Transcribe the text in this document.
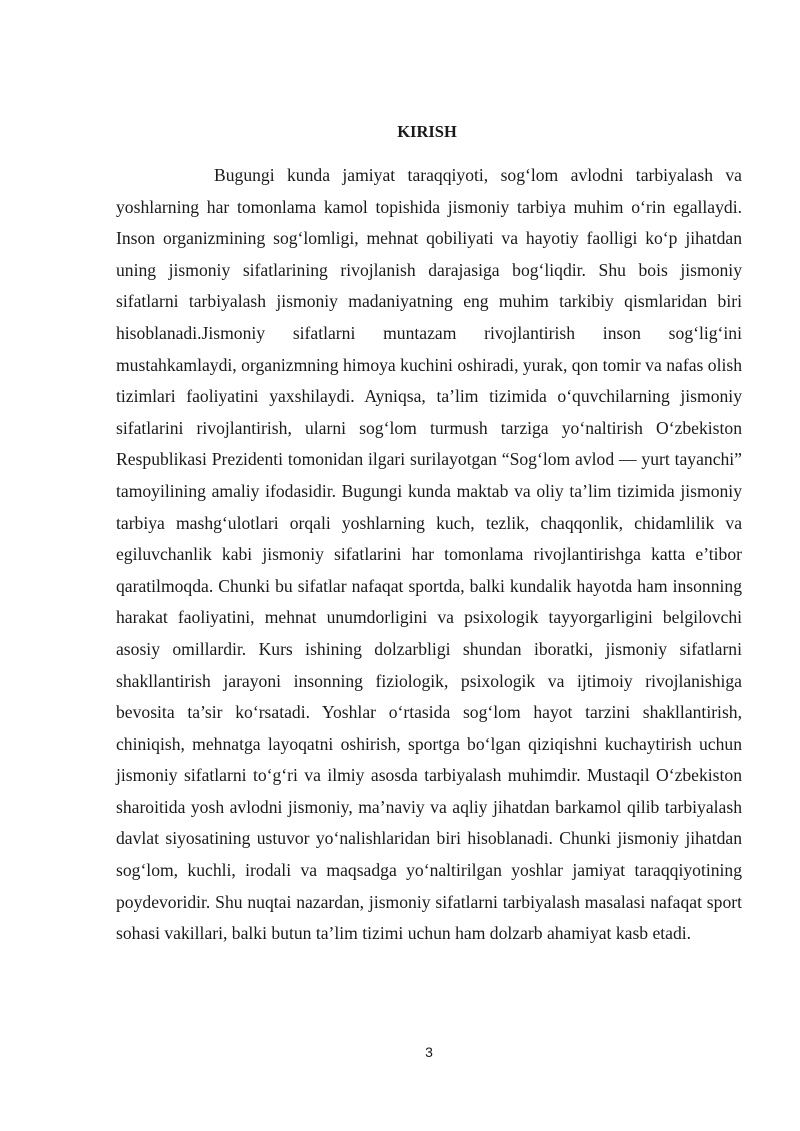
KIRISH

Bugungi kunda jamiyat taraqqiyoti, sog‘lom avlodni tarbiyalash va yoshlarning har tomonlama kamol topishida jismoniy tarbiya muhim o‘rin egallaydi. Inson organizmining sog‘lomligi, mehnat qobiliyati va hayotiy faolligi ko‘p jihatdan uning jismoniy sifatlarining rivojlanish darajasiga bog‘liqdir. Shu bois jismoniy sifatlarni tarbiyalash jismoniy madaniyatning eng muhim tarkibiy qismlaridan biri hisoblanadi.Jismoniy sifatlarni muntazam rivojlantirish inson sog‘lig‘ini mustahkamlaydi, organizmning himoya kuchini oshiradi, yurak, qon tomir va nafas olish tizimlari faoliyatini yaxshilaydi. Ayniqsa, ta’lim tizimida o‘quvchilarning jismoniy sifatlarini rivojlantirish, ularni sog‘lom turmush tarziga yo‘naltirish O‘zbekiston Respublikasi Prezidenti tomonidan ilgari surilayotgan “Sog‘lom avlod — yurt tayanchi” tamoyilining amaliy ifodasidir. Bugungi kunda maktab va oliy ta’lim tizimida jismoniy tarbiya mashg‘ulotlari orqali yoshlarning kuch, tezlik, chaqqonlik, chidamlilik va egiluvchanlik kabi jismoniy sifatlarini har tomonlama rivojlantirishga katta e’tibor qaratilmoqda. Chunki bu sifatlar nafaqat sportda, balki kundalik hayotda ham insonning harakat faoliyatini, mehnat unumdorligini va psixologik tayyorgarligini belgilovchi asosiy omillardir. Kurs ishining dolzarbligi shundan iboratki, jismoniy sifatlarni shakllantirish jarayoni insonning fiziologik, psixologik va ijtimoiy rivojlanishiga bevosita ta’sir ko‘rsatadi. Yoshlar o‘rtasida sog‘lom hayot tarzini shakllantirish, chiniqish, mehnatga layoqatni oshirish, sportga bo‘lgan qiziqishni kuchaytirish uchun jismoniy sifatlarni to‘g‘ri va ilmiy asosda tarbiyalash muhimdir. Mustaqil O‘zbekiston sharoitida yosh avlodni jismoniy, ma’naviy va aqliy jihatdan barkamol qilib tarbiyalash davlat siyosatining ustuvor yo‘nalishlaridan biri hisoblanadi. Chunki jismoniy jihatdan sog‘lom, kuchli, irodali va maqsadga yo‘naltirilgan yoshlar jamiyat taraqqiyotining poydevoridir. Shu nuqtai nazardan, jismoniy sifatlarni tarbiyalash masalasi nafaqat sport sohasi vakillari, balki butun ta’lim tizimi uchun ham dolzarb ahamiyat kasb etadi.

3
